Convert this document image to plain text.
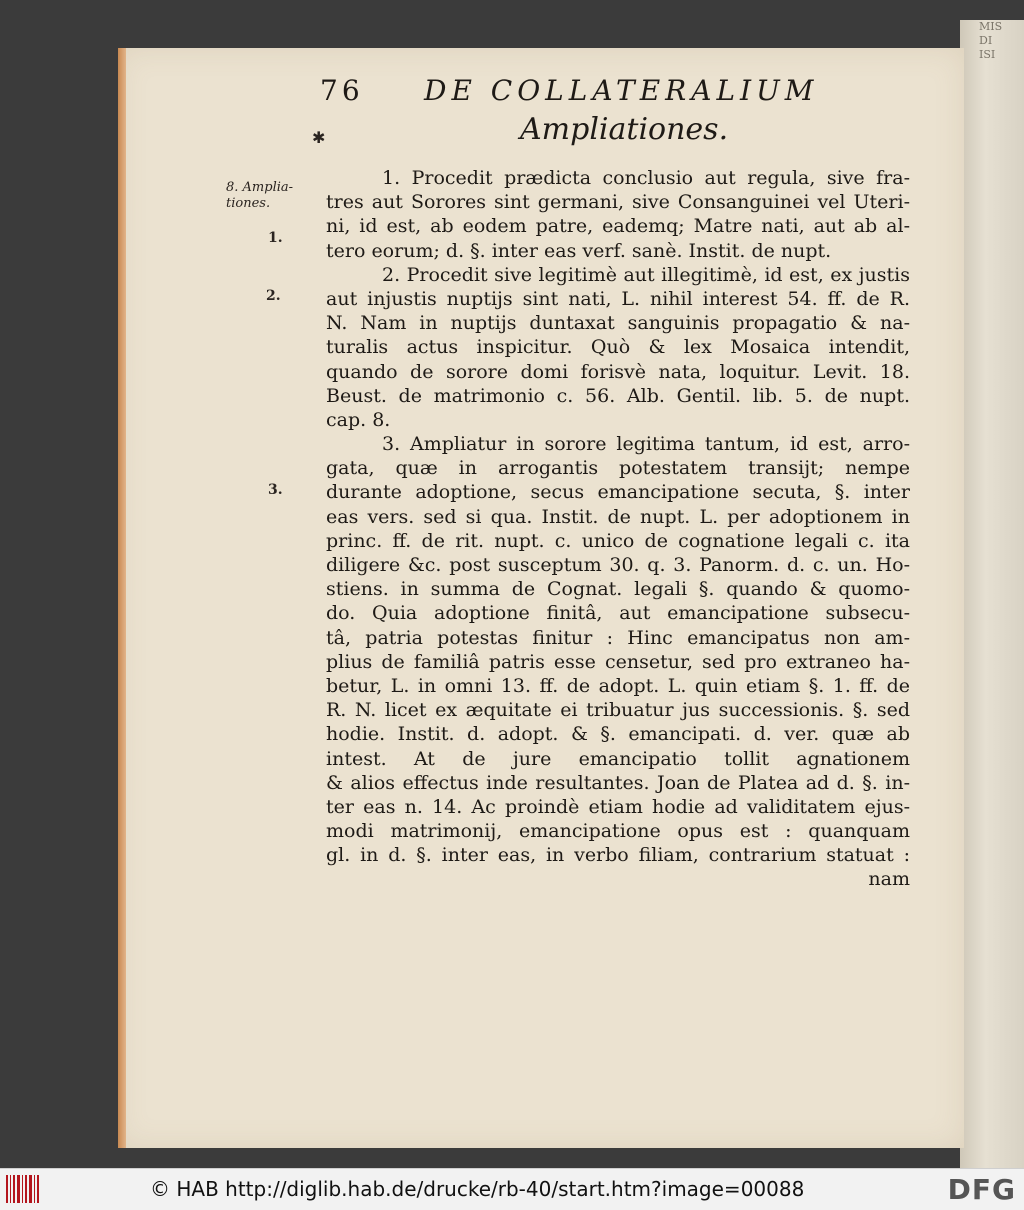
MIS
DI
ISI
76 DE COLLATERALIUM
✱	Ampliationes.
8. Amplia-
tiones.
1.
2.
3.
1. Procedit prædicta conclusio aut regula, sive fra-
tres aut Sorores sint germani, sive Consanguinei vel Uteri-
ni, id est, ab eodem patre, eademq; Matre nati, aut ab al-
tero eorum; d. §. inter eas verf. sanè. Instit. de nupt.
2. Procedit sive legitimè aut illegitimè, id est, ex justis
aut injustis nuptijs sint nati, L. nihil interest 54. ff. de R.
N. Nam in nuptijs duntaxat sanguinis propagatio & na-
turalis actus inspicitur. Quò & lex Mosaica intendit,
quando de sorore domi forisvè nata, loquitur. Levit. 18.
Beust. de matrimonio c. 56. Alb. Gentil. lib. 5. de nupt.
cap. 8.
3. Ampliatur in sorore legitima tantum, id est, arro-
gata, quæ in arrogantis potestatem transijt; nempe
durante adoptione, secus emancipatione secuta, §. inter
eas vers. sed si qua. Instit. de nupt. L. per adoptionem in
princ. ff. de rit. nupt. c. unico de cognatione legali c. ita
diligere &c. post susceptum 30. q. 3. Panorm. d. c. un. Ho-
stiens. in summa de Cognat. legali §. quando & quomo-
do. Quia adoptione finitâ, aut emancipatione subsecu-
tâ, patria potestas finitur : Hinc emancipatus non am-
plius de familiâ patris esse censetur, sed pro extraneo ha-
betur, L. in omni 13. ff. de adopt. L. quin etiam §. 1. ff. de
R. N. licet ex æquitate ei tribuatur jus successionis. §. sed
hodie. Instit. d. adopt. & §. emancipati. d. ver. quæ ab
intest. At de jure emancipatio tollit agnationem
& alios effectus inde resultantes. Joan de Platea ad d. §. in-
ter eas n. 14. Ac proindè etiam hodie ad validitatem ejus-
modi matrimonij, emancipatione opus est : quanquam
gl. in d. §. inter eas, in verbo filiam, contrarium statuat :
nam
© HAB http://diglib.hab.de/drucke/rb-40/start.htm?image=00088	DFG
